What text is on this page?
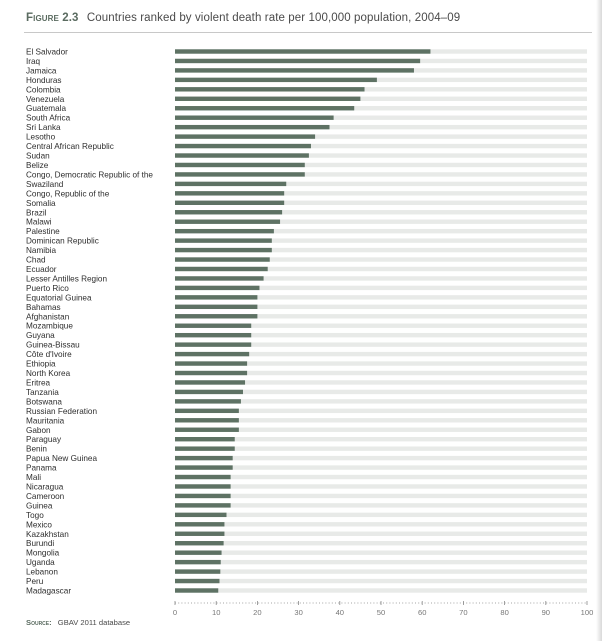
Figure 2.3 Countries ranked by violent death rate per 100,000 population, 2004–09
El Salvador
Iraq
Jamaica
Honduras
Colombia
Venezuela
Guatemala
South Africa
Sri Lanka
Lesotho
Central African Republic
Sudan
Belize
Congo, Democratic Republic of the
Swaziland
Congo, Republic of the
Somalia
Brazil
Malawi
Palestine
Dominican Republic
Namibia
Chad
Ecuador
Lesser Antilles Region
Puerto Rico
Equatorial Guinea
Bahamas
Afghanistan
Mozambique
Guyana
Guinea-Bissau
Côte d'Ivoire
Ethiopia
North Korea
Eritrea
Tanzania
Botswana
Russian Federation
Mauritania
Gabon
Paraguay
Benin
Papua New Guinea
Panama
Mali
Nicaragua
Cameroon
Guinea
Togo
Mexico
Kazakhstan
Burundi
Mongolia
Uganda
Lebanon
Peru
Madagascar
0	10	20	30	40	50	60	70	80	90	100
Source: GBAV 2011 database
